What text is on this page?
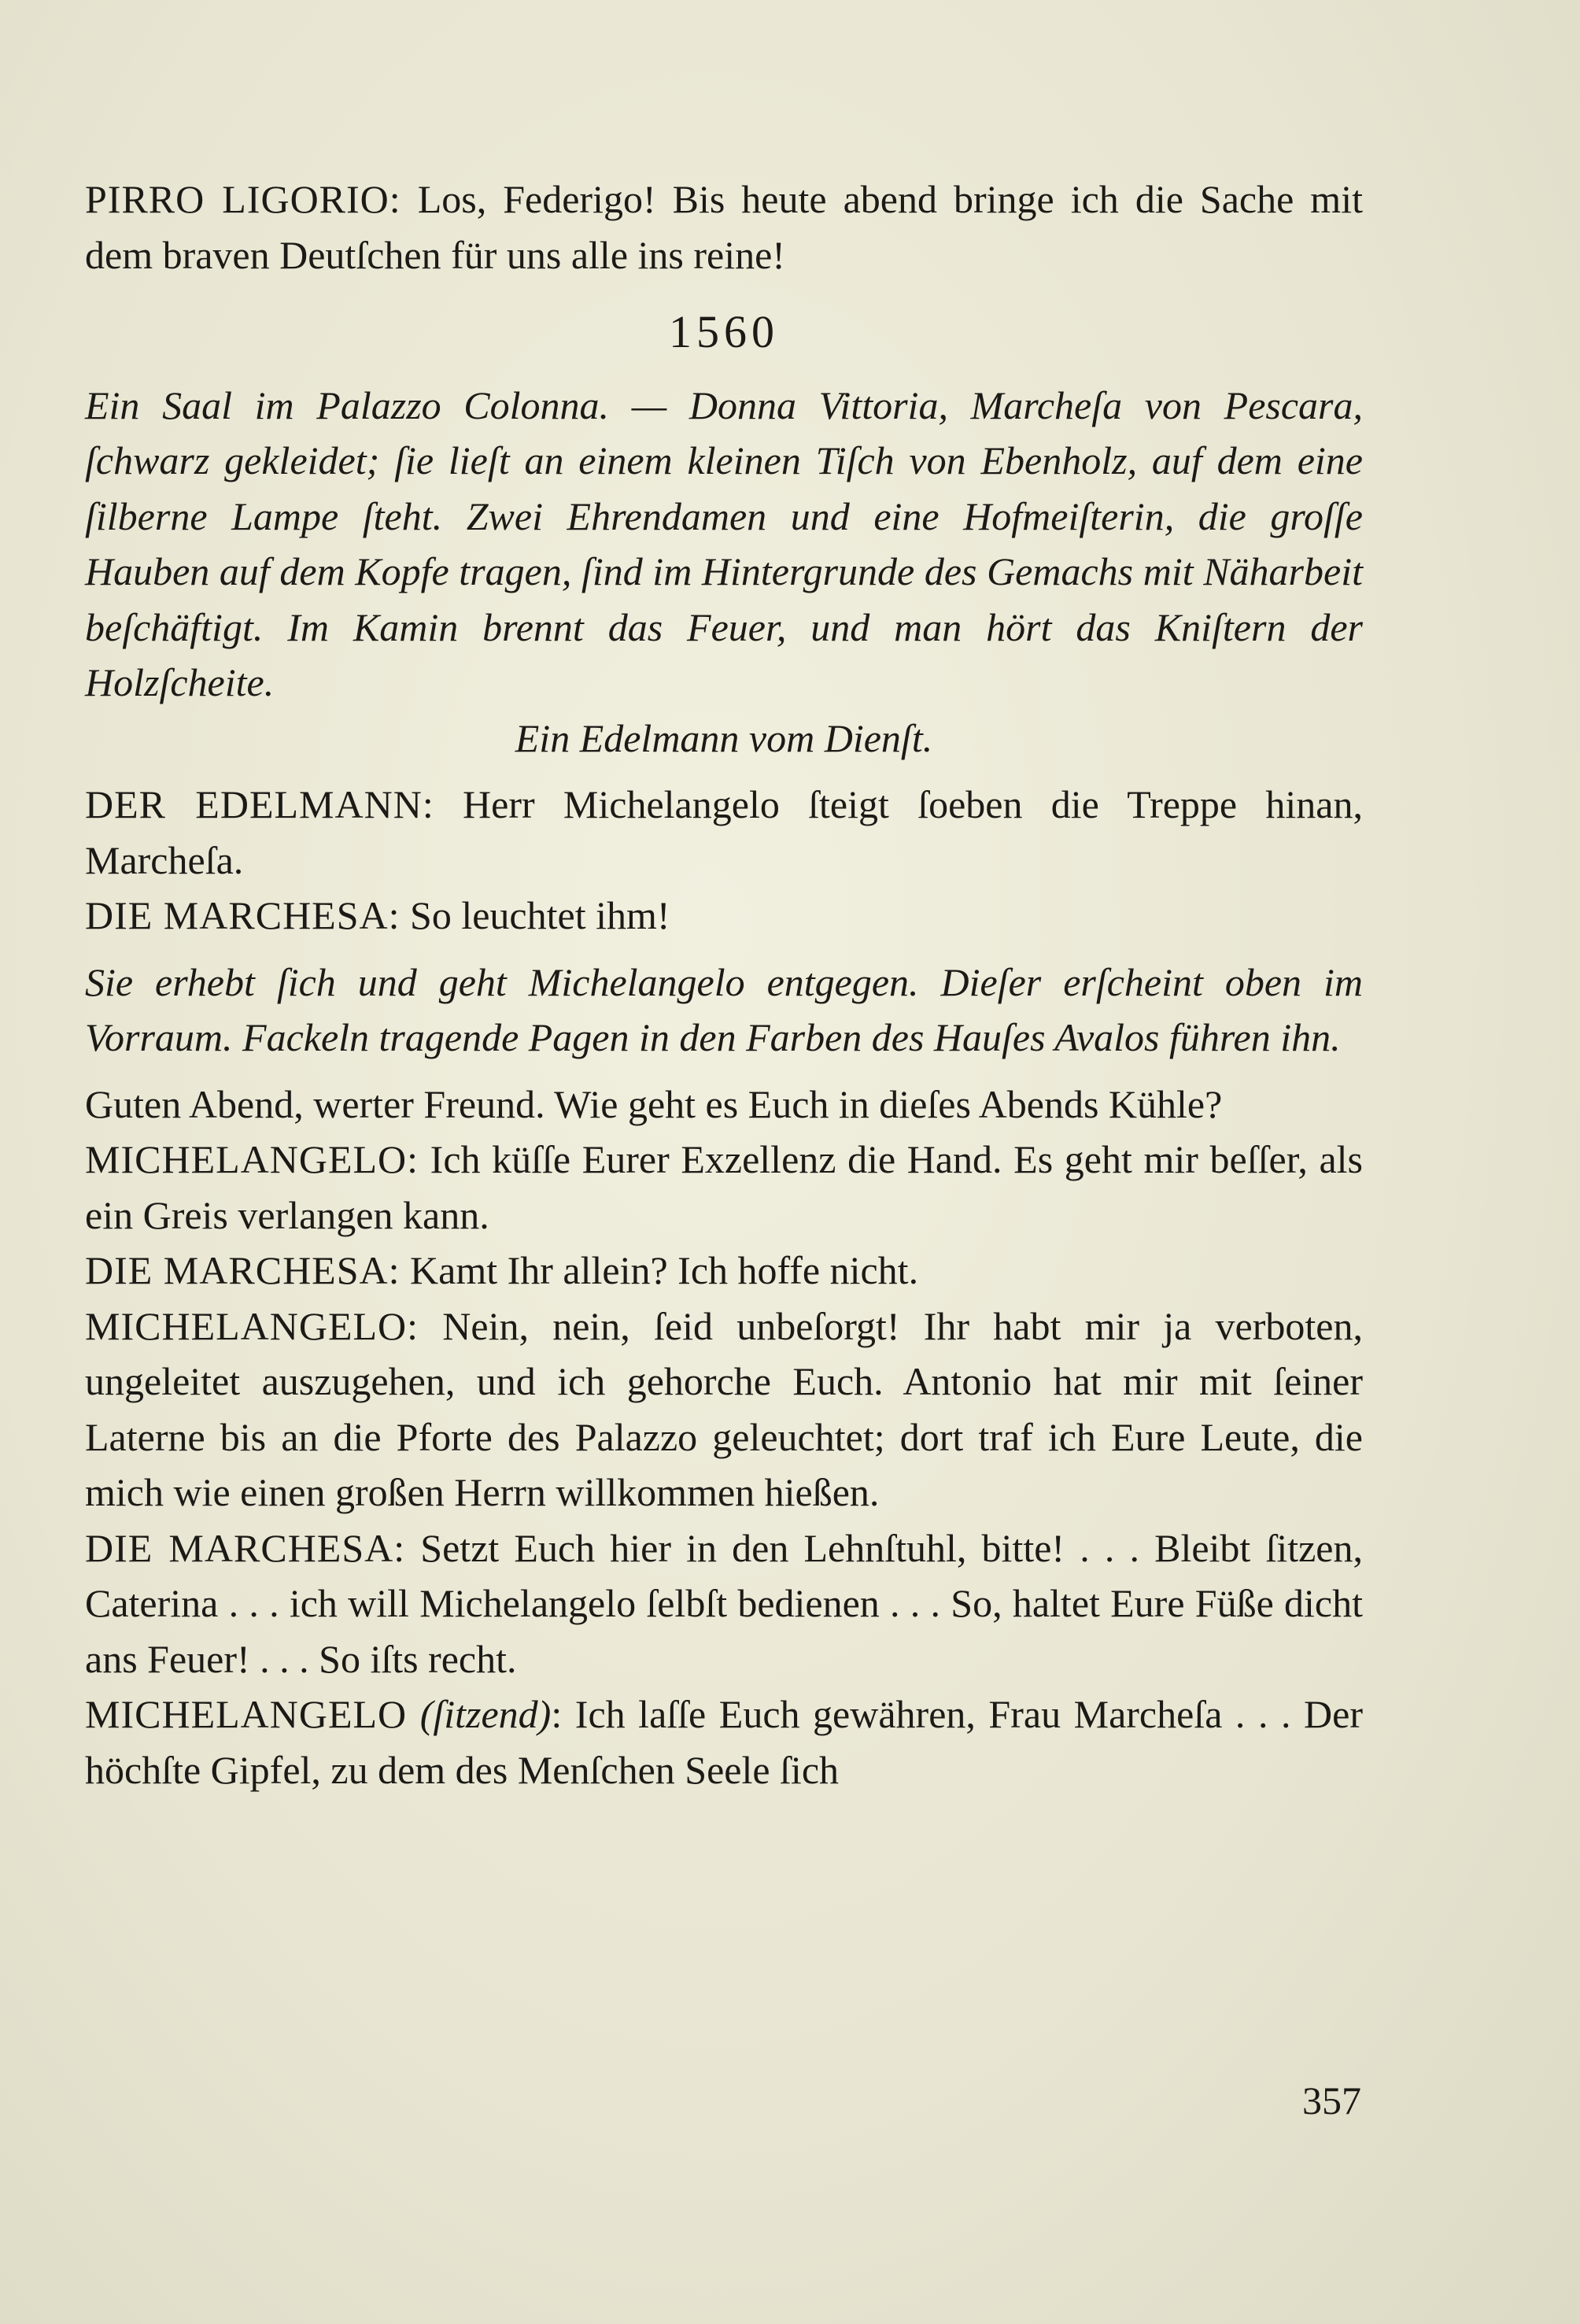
PIRRO LIGORIO: Los, Federigo! Bis heute abend bringe ich die Sache mit dem braven Deutſchen für uns alle ins reine!

1560

Ein Saal im Palazzo Colonna. — Donna Vittoria, Marcheſa von Pescara, ſchwarz gekleidet; ſie lieſt an einem kleinen Tiſch von Ebenholz, auf dem eine ſilberne Lampe ſteht. Zwei Ehrendamen und eine Hofmeiſterin, die groſſe Hauben auf dem Kopfe tragen, ſind im Hintergrunde des Gemachs mit Näharbeit beſchäftigt. Im Kamin brennt das Feuer, und man hört das Kniſtern der Holzſcheite.

Ein Edelmann vom Dienſt.

DER EDELMANN: Herr Michelangelo ſteigt ſoeben die Treppe hinan, Marcheſa.

DIE MARCHESA: So leuchtet ihm!

Sie erhebt ſich und geht Michelangelo entgegen. Dieſer erſcheint oben im Vorraum. Fackeln tragende Pagen in den Farben des Hauſes Avalos führen ihn.

Guten Abend, werter Freund. Wie geht es Euch in dieſes Abends Kühle?

MICHELANGELO: Ich küſſe Eurer Exzellenz die Hand. Es geht mir beſſer, als ein Greis verlangen kann.

DIE MARCHESA: Kamt Ihr allein? Ich hoffe nicht.

MICHELANGELO: Nein, nein, ſeid unbeſorgt! Ihr habt mir ja verboten, ungeleitet auszugehen, und ich gehorche Euch. Antonio hat mir mit ſeiner Laterne bis an die Pforte des Palazzo geleuchtet; dort traf ich Eure Leute, die mich wie einen großen Herrn willkommen hießen.

DIE MARCHESA: Setzt Euch hier in den Lehnſtuhl, bitte! . . . Bleibt ſitzen, Caterina . . . ich will Michelangelo ſelbſt bedienen . . . So, haltet Eure Füße dicht ans Feuer! . . . So iſts recht.

MICHELANGELO (ſitzend): Ich laſſe Euch gewähren, Frau Marcheſa . . . Der höchſte Gipfel, zu dem des Menſchen Seele ſich

357
